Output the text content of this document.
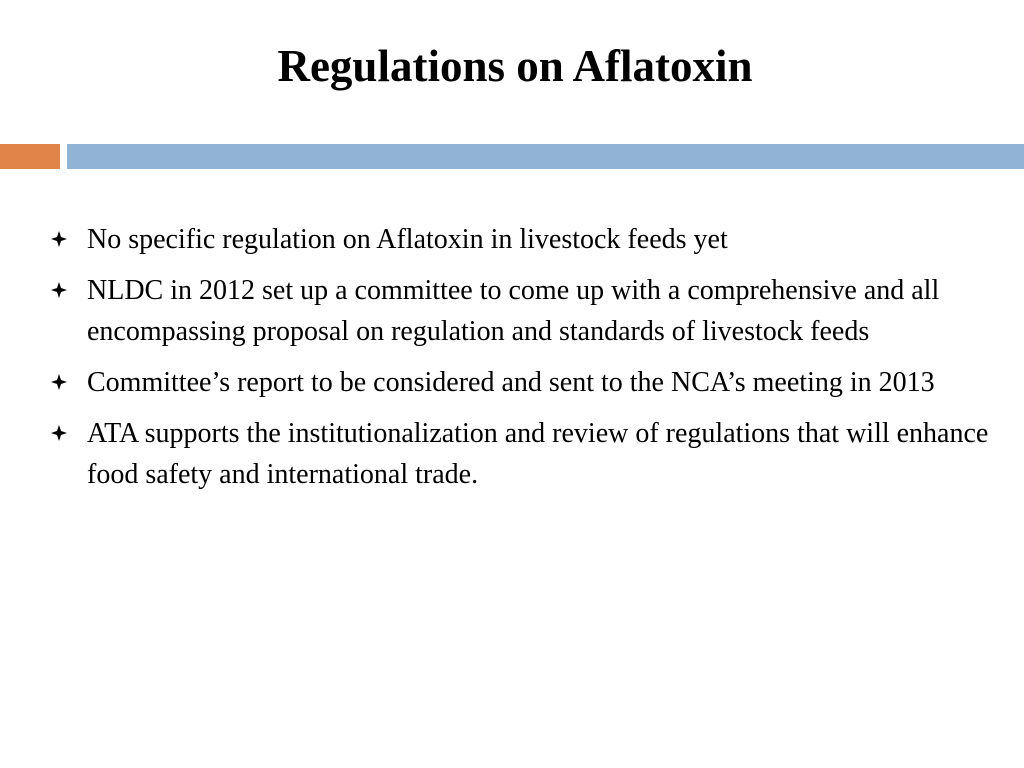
Regulations on Aflatoxin
No specific regulation on Aflatoxin in livestock feeds yet
NLDC in 2012 set up a committee to come up with a comprehensive and all encompassing proposal on regulation and standards of livestock feeds
Committee’s report to be considered and sent to the NCA’s meeting in 2013
ATA supports the institutionalization and review of regulations that will enhance food safety and international trade.
